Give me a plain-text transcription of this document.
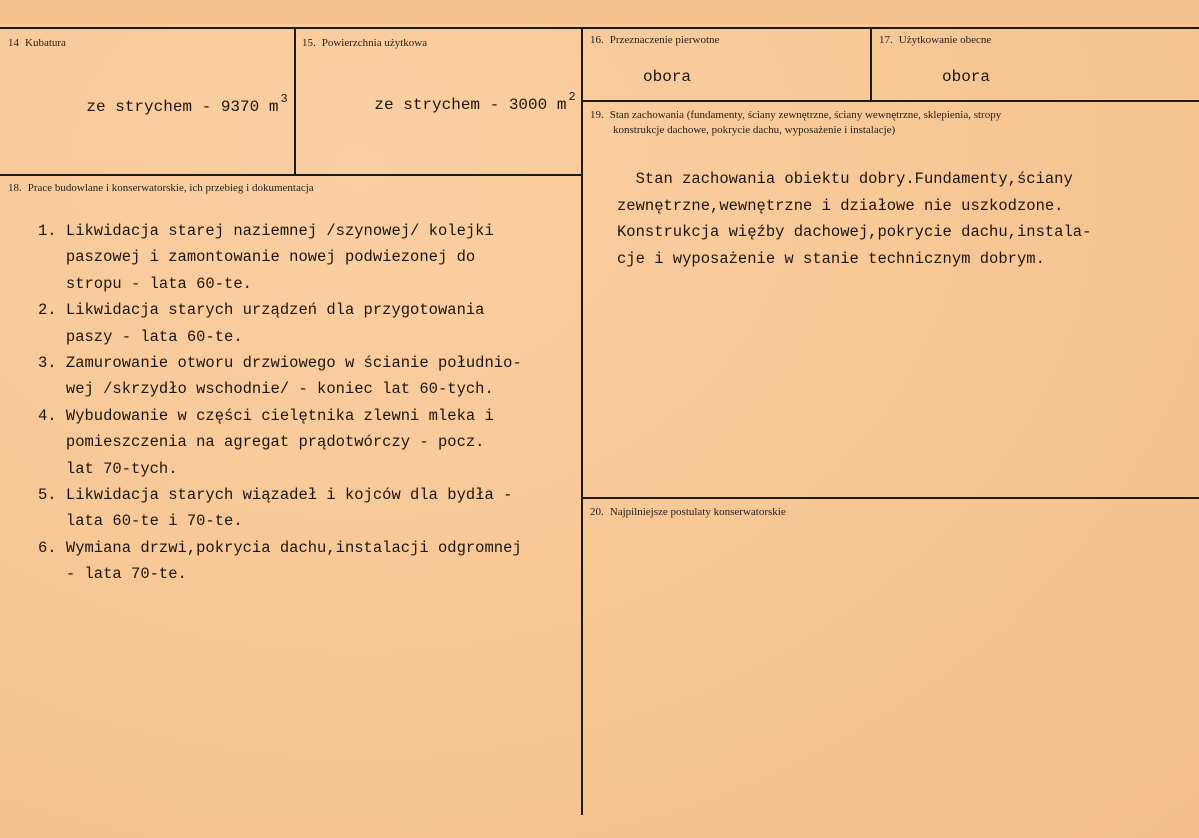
14 Kubatura

ze strychem - 9370 m $^3$

15. Powierzchnia użytkowa

ze strychem - 3000 m $^2$

16. Przeznaczenie pierwotne
obora
17. Użytkowanie obecne
obora
18. Prace budowlane i konserwatorskie, ich przebieg i dokumentacja
1. Likwidacja starej naziemnej /szynowej/ kolejki
paszowej i zamontowanie nowej podwiezonej do
stropu - lata 60-te.
2. Likwidacja starych urządzeń dla przygotowania
paszy - lata 60-te.
3. Zamurowanie otworu drzwiowego w ścianie południo-
wej /skrzydło wschodnie/ - koniec lat 60-tych.
4. Wybudowanie w części cielętnika zlewni mleka i
pomieszczenia na agregat prądotwórczy - pocz.
lat 70-tych.
5. Likwidacja starych wiązadeł i kojców dla bydła -
lata 60-te i 70-te.
6. Wymiana drzwi,pokrycia dachu,instalacji odgromnej
- lata 70-te.
19. Stan zachowania (fundamenty, ściany zewnętrzne, ściany wewnętrzne, sklepienia, stropy
konstrukcje dachowe, pokrycie dachu, wyposażenie i instalacje)
Stan zachowania obiektu dobry.Fundamenty,ściany
zewnętrzne,wewnętrzne i działowe nie uszkodzone.
Konstrukcja więźby dachowej,pokrycie dachu,instala-
cje i wyposażenie w stanie technicznym dobrym.
20. Najpilniejsze postulaty konserwatorskie
